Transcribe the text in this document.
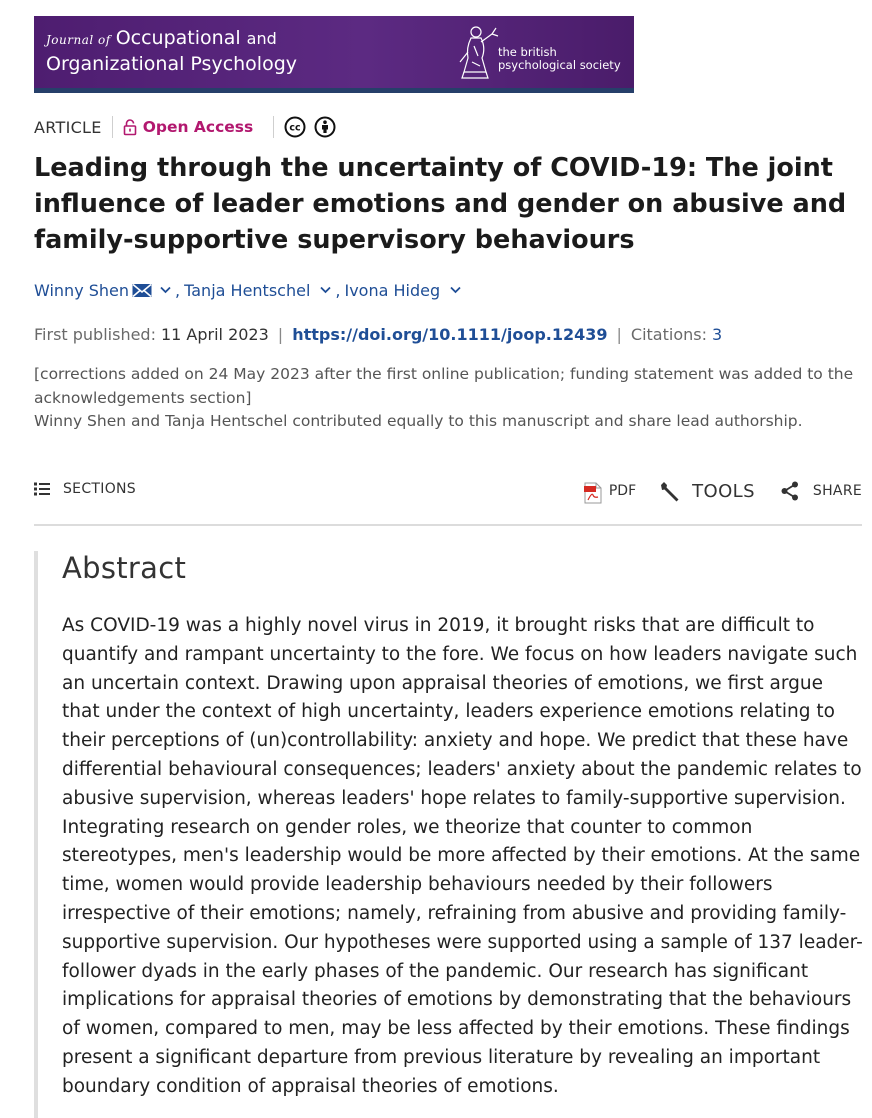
Journal of Occupational and
Organizational Psychology
the british
psychological society
ARTICLE	Open Access	cc
Leading through the uncertainty of COVID-19: The joint influence of leader emotions and gender on abusive and family-supportive supervisory behaviours
Winny Shen	, Tanja Hentschel , Ivona Hideg
First published: 11 April 2023 | https://doi.org/10.1111/joop.12439 | Citations: 3

[corrections added on 24 May 2023 after the first online publication; funding statement was added to the acknowledgements section]

Winny Shen and Tanja Hentschel contributed equally to this manuscript and share lead authorship.

SECTIONS	PDF	TOOLS	SHARE
Abstract

As COVID-19 was a highly novel virus in 2019, it brought risks that are difficult to quantify and rampant uncertainty to the fore. We focus on how leaders navigate such an uncertain context. Drawing upon appraisal theories of emotions, we first argue that under the context of high uncertainty, leaders experience emotions relating to their perceptions of (un)controllability: anxiety and hope. We predict that these have differential behavioural consequences; leaders' anxiety about the pandemic relates to abusive supervision, whereas leaders' hope relates to family-supportive supervision. Integrating research on gender roles, we theorize that counter to common stereotypes, men's leadership would be more affected by their emotions. At the same time, women would provide leadership behaviours needed by their followers irrespective of their emotions; namely, refraining from abusive and providing family-supportive supervision. Our hypotheses were supported using a sample of 137 leader-follower dyads in the early phases of the pandemic. Our research has significant implications for appraisal theories of emotions by demonstrating that the behaviours of women, compared to men, may be less affected by their emotions. These findings present a significant departure from previous literature by revealing an important boundary condition of appraisal theories of emotions.
